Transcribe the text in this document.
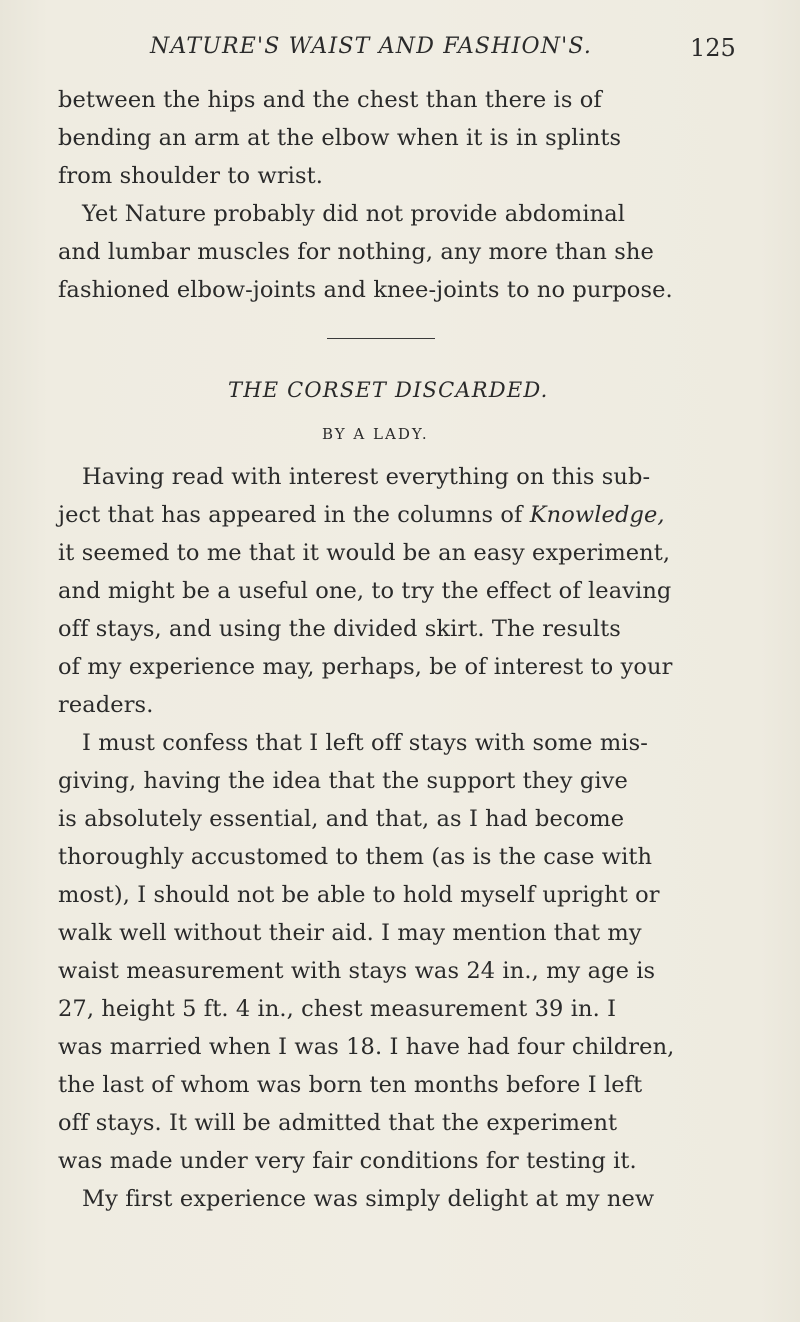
NATURE'S WAIST AND FASHION'S.	125
between the hips and the chest than there is of
bending an arm at the elbow when it is in splints
from shoulder to wrist.
Yet Nature probably did not provide abdominal
and lumbar muscles for nothing, any more than she
fashioned elbow-joints and knee-joints to no purpose.
THE CORSET DISCARDED.
BY A LADY.
Having read with interest everything on this sub-
ject that has appeared in the columns of Knowledge,
it seemed to me that it would be an easy experiment,
and might be a useful one, to try the effect of leaving
off stays, and using the divided skirt. The results
of my experience may, perhaps, be of interest to your
readers.
I must confess that I left off stays with some mis-
giving, having the idea that the support they give
is absolutely essential, and that, as I had become
thoroughly accustomed to them (as is the case with
most), I should not be able to hold myself upright or
walk well without their aid. I may mention that my
waist measurement with stays was 24 in., my age is
27, height 5 ft. 4 in., chest measurement 39 in. I
was married when I was 18. I have had four children,
the last of whom was born ten months before I left
off stays. It will be admitted that the experiment
was made under very fair conditions for testing it.
My first experience was simply delight at my new
